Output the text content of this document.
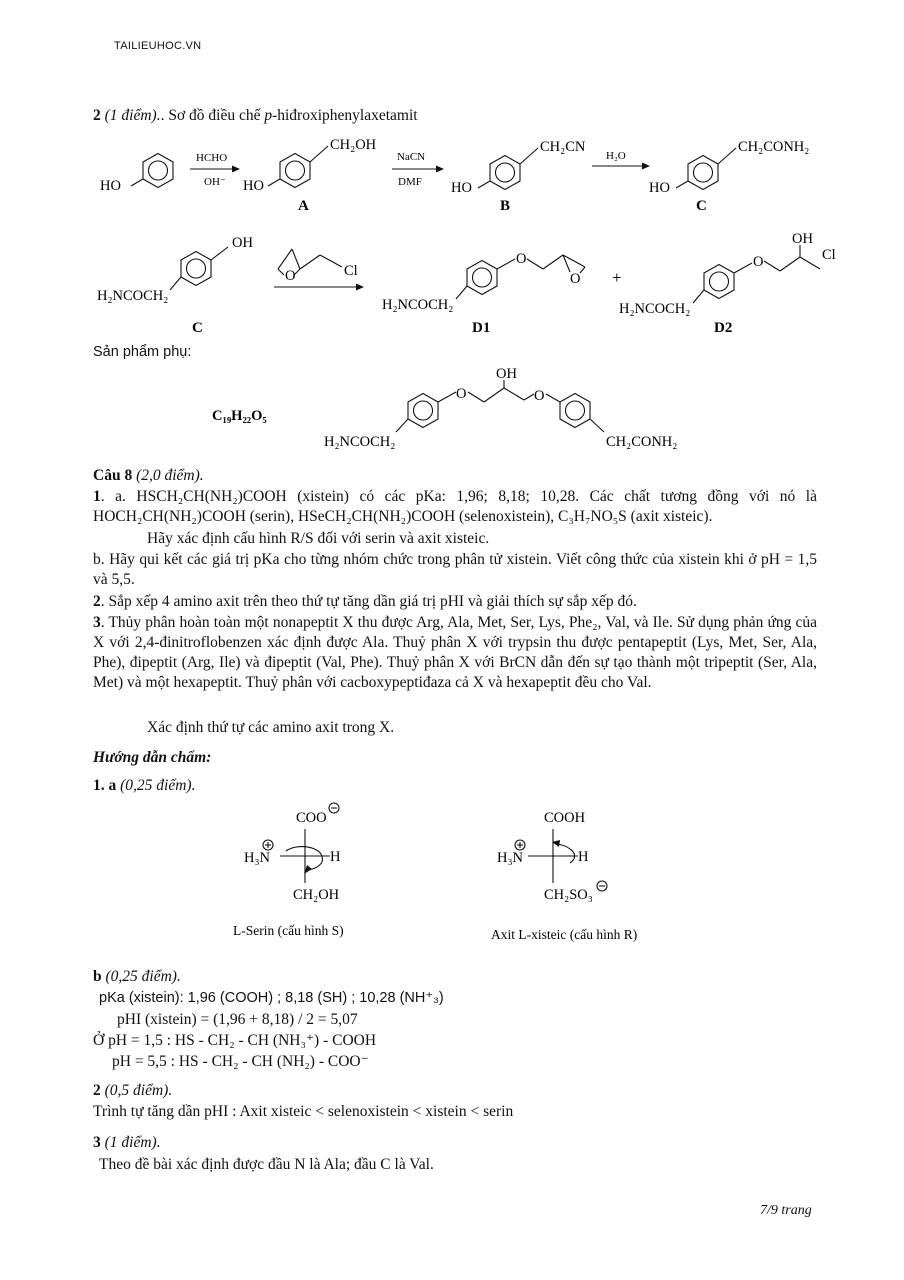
TAILIEUHOC.VN
2 (1 điểm).. Sơ đồ điều chế p-hiđroxiphenylaxetamit
HO	HO	HO	HO
CH₂OH	CH₂CN	CH₂CONH₂
HCHO
OH⁻
NaCN
DMF
H₂O
A	B	C
OH
H₂NCOCH₂
O	Cl
O
O
H₂NCOCH₂
+
O
OH
Cl
H₂NCOCH₂
C	D1	D2
Sản phẩm phụ:
O
OH
O
H₂NCOCH₂	CH₂CONH₂
C₁₉H₂₂O₅
Câu 8 (2,0 điểm).
1. a. HSCH₂CH(NH₂)COOH (xistein) có các pKa: 1,96; 8,18; 10,28. Các chất tương đồng với nó là HOCH₂CH(NH₂)COOH (serin), HSeCH₂CH(NH₂)COOH (selenoxistein), C₃H₇NO₅S (axit xisteic).
Hãy xác định cấu hình R/S đối với serin và axit xisteic.
b. Hãy qui kết các giá trị pKa cho từng nhóm chức trong phân tử xistein. Viết công thức của xistein khi ở pH = 1,5 và 5,5.
2. Sắp xếp 4 amino axit trên theo thứ tự tăng dần giá trị pHI và giải thích sự sắp xếp đó.
3. Thủy phân hoàn toàn một nonapeptit X thu được Arg, Ala, Met, Ser, Lys, Phe₂, Val, và Ile. Sử dụng phản ứng của X với 2,4-đinitroflobenzen xác định được Ala. Thuỷ phân X với trypsin thu được pentapeptit (Lys, Met, Ser, Ala, Phe), đipeptit (Arg, Ile) và đipeptit (Val, Phe). Thuỷ phân X với BrCN dẫn đến sự tạo thành một tripeptit (Ser, Ala, Met) và một hexapeptit. Thuỷ phân với cacboxypeptiđaza cả X và hexapeptit đều cho Val.
Xác định thứ tự các amino axit trong X.
Hướng dẫn chấm:
1. a (0,25 điểm).
COO
H₃N	H
CH₂OH
COOH
H₃N	H
CH₂SO₃
L-Serin (cấu hình S)	Axit L-xisteic (cấu hình R)
b (0,25 điểm).
pKa (xistein): 1,96 (COOH) ; 8,18 (SH) ; 10,28 (NH⁺₃)
pHI (xistein) = (1,96 + 8,18) / 2 = 5,07
Ở pH = 1,5 : HS - CH₂ - CH (NH₃⁺) - COOH
pH = 5,5 : HS - CH₂ - CH (NH₂) - COO⁻
2 (0,5 điểm).
Trình tự tăng dần pHI : Axit xisteic < selenoxistein < xistein < serin
3 (1 điểm).
Theo đề bài xác định được đầu N là Ala; đầu C là Val.
7/9 trang
